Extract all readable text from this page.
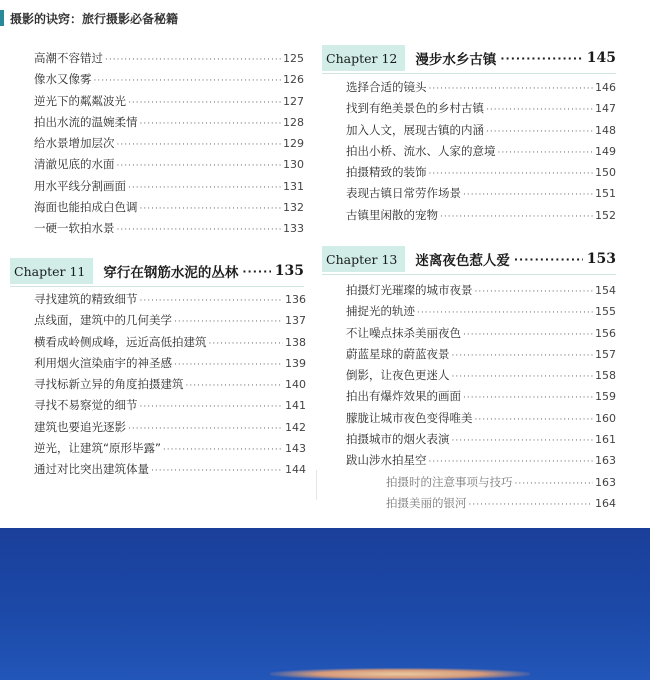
摄影的诀窍：旅行摄影必备秘籍
高潮不容错过 ·····	125
像水又像雾 ·····	126
逆光下的粼粼波光 ·····	127
拍出水流的温婉柔情 ·····	128
给水景增加层次 ·····	129
清澈见底的水面 ·····	130
用水平线分割画面 ·····	131
海面也能拍成白色调 ·····	132
一硬一软拍水景 ·····	133
Chapter 11	穿行在钢筋水泥的丛林 ·····	135
寻找建筑的精致细节 ·····	136
点线面，建筑中的几何美学 ·····	137
横看成岭侧成峰，远近高低拍建筑 ·····	138
利用烟火渲染庙宇的神圣感 ·····	139
寻找标新立异的角度拍摄建筑 ·····	140
寻找不易察觉的细节 ·····	141
建筑也要追光逐影 ·····	142
逆光，让建筑“原形毕露” ·····	143
通过对比突出建筑体量 ·····	144
Chapter 12	漫步水乡古镇 ·····	145
选择合适的镜头 ·····	146
找到有绝美景色的乡村古镇 ·····	147
加入人文，展现古镇的内涵 ·····	148
拍出小桥、流水、人家的意境 ·····	149
拍摄精致的装饰 ·····	150
表现古镇日常劳作场景 ·····	151
古镇里闲散的宠物 ·····	152
Chapter 13	迷离夜色惹人爱 ·····	153
拍摄灯光璀璨的城市夜景 ·····	154
捕捉光的轨迹 ·····	155
不让噪点抹杀美丽夜色 ·····	156
蔚蓝星球的蔚蓝夜景 ·····	157
倒影，让夜色更迷人 ·····	158
拍出有爆炸效果的画面 ·····	159
朦胧让城市夜色变得唯美 ·····	160
拍摄城市的烟火表演 ·····	161
跋山涉水拍星空 ·····	163
拍摄时的注意事项与技巧 ·····	163
拍摄美丽的银河 ·····	164
